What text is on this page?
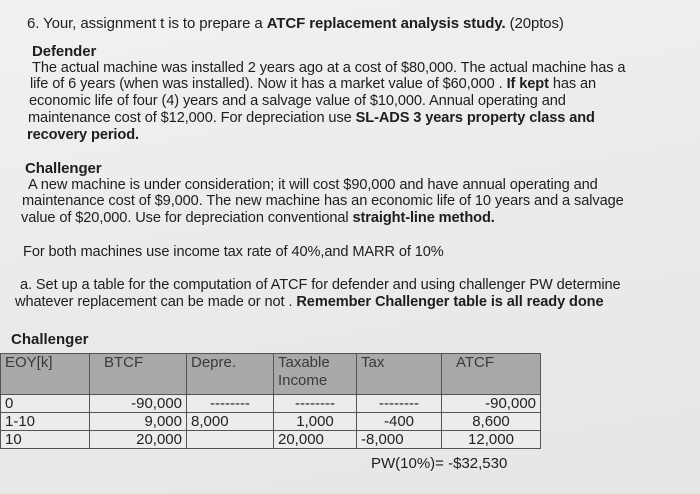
6. Your, assignment t is to prepare a ATCF replacement analysis study. (20ptos)
Defender
The actual machine was installed 2 years ago at a cost of $80,000. The actual machine has a
life of 6 years (when was installed). Now it has a market value of $60,000 . If kept has an
economic life of four (4) years and a salvage value of $10,000. Annual operating and
maintenance cost of $12,000. For depreciation use SL-ADS 3 years property class and
recovery period.
Challenger
A new machine is under consideration; it will cost $90,000 and have annual operating and
maintenance cost of $9,000. The new machine has an economic life of 10 years and a salvage
value of $20,000. Use for depreciation conventional straight-line method.
For both machines use income tax rate of 40%,and MARR of 10%
a. Set up a table for the computation of ATCF for defender and using challenger PW determine
whatever replacement can be made or not . Remember Challenger table is all ready done
Challenger
EOY[k]	BTCF	Depre.	Taxable Income	Tax	ATCF
0	-90,000	--------	--------	--------	-90,000
1-10	9,000	8,000	1,000	-400	8,600
10	20,000		20,000	-8,000	12,000
PW(10%)= -$32,530
